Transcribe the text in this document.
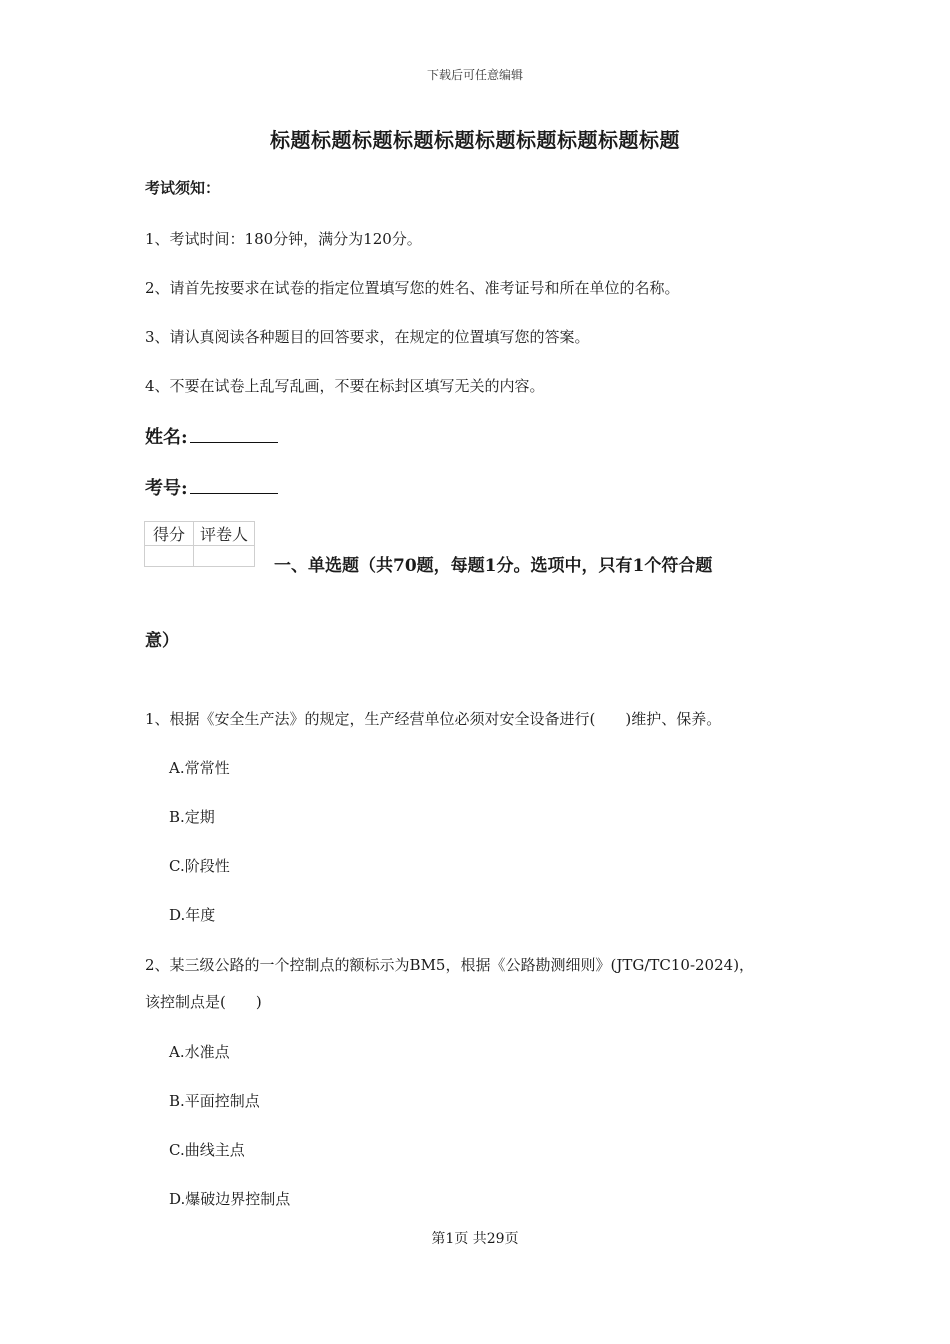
下载后可任意编辑
标题标题标题标题标题标题标题标题标题标题
考试须知：
1、考试时间：180分钟，满分为120分。
2、请首先按要求在试卷的指定位置填写您的姓名、准考证号和所在单位的名称。
3、请认真阅读各种题目的回答要求，在规定的位置填写您的答案。
4、不要在试卷上乱写乱画，不要在标封区填写无关的内容。
姓名:
考号:
得分	评卷人

一、单选题（共70题，每题1分。选项中，只有1个符合题
意）
1、根据《安全生产法》的规定，生产经营单位必须对安全设备进行(　　)维护、保养。
A.常常性
B.定期
C.阶段性
D.年度
2、某三级公路的一个控制点的额标示为BM5，根据《公路勘测细则》(JTG/TC10-2024)，
该控制点是(　　)
A.水准点
B.平面控制点
C.曲线主点
D.爆破边界控制点
第1页 共29页
